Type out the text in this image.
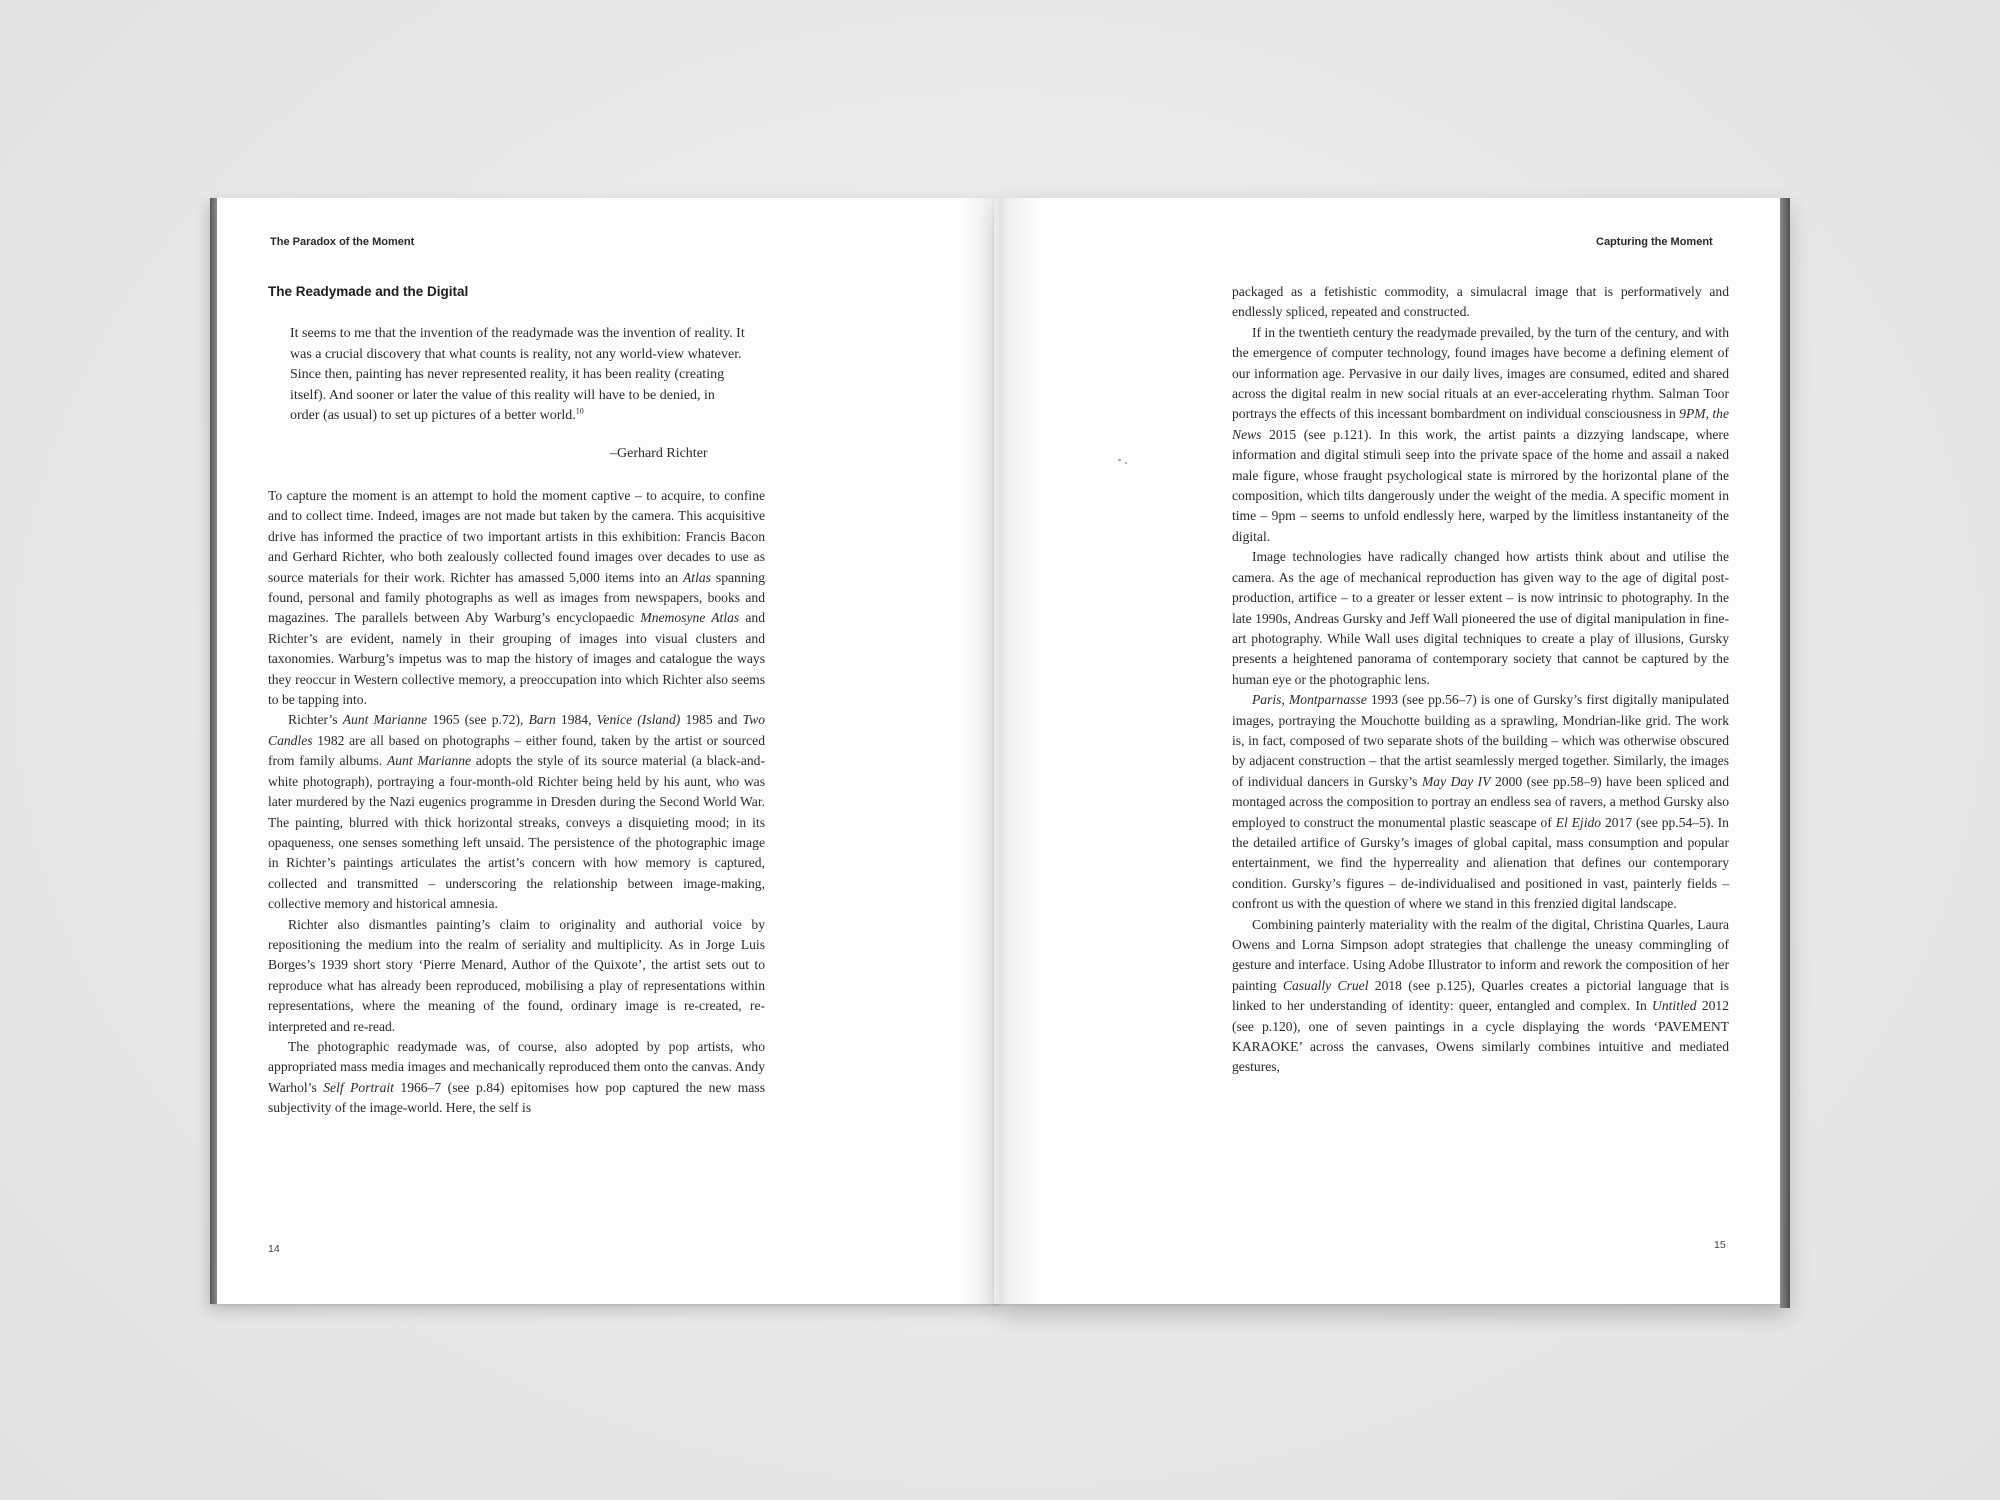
The Paradox of the Moment
The Readymade and the Digital

It seems to me that the invention of the readymade was the invention of reality. It was a crucial discovery that what counts is reality, not any world-view whatever. Since then, painting has never represented reality, it has been reality (creating itself). And sooner or later the value of this reality will have to be denied, in order (as usual) to set up pictures of a better world.$^{10}$

–Gerhard Richter

To capture the moment is an attempt to hold the moment captive – to acquire, to confine and to collect time. Indeed, images are not made but taken by the camera. This acquisitive drive has informed the practice of two important artists in this exhibition: Francis Bacon and Gerhard Richter, who both zealously collected found images over decades to use as source materials for their work. Richter has amassed 5,000 items into an Atlas spanning found, personal and family photographs as well as images from newspapers, books and magazines. The parallels between Aby Warburg’s encyclopaedic Mnemosyne Atlas and Richter’s are evident, namely in their grouping of images into visual clusters and taxonomies. Warburg’s impetus was to map the history of images and catalogue the ways they reoccur in Western collective memory, a preoccupation into which Richter also seems to be tapping into.

Richter’s Aunt Marianne 1965 (see p.72), Barn 1984, Venice (Island) 1985 and Two Candles 1982 are all based on photographs – either found, taken by the artist or sourced from family albums. Aunt Marianne adopts the style of its source material (a black-and-white photograph), portraying a four-month-old Richter being held by his aunt, who was later murdered by the Nazi eugenics programme in Dresden during the Second World War. The painting, blurred with thick horizontal streaks, conveys a disquieting mood; in its opaqueness, one senses something left unsaid. The persistence of the photographic image in Richter’s paintings articulates the artist’s concern with how memory is captured, collected and transmitted – underscoring the relationship between image-making, collective memory and historical amnesia.

Richter also dismantles painting’s claim to originality and authorial voice by repositioning the medium into the realm of seriality and multiplicity. As in Jorge Luis Borges’s 1939 short story ‘Pierre Menard, Author of the Quixote’, the artist sets out to reproduce what has already been reproduced, mobilising a play of representations within representations, where the meaning of the found, ordinary image is re-created, re-interpreted and re-read.

The photographic readymade was, of course, also adopted by pop artists, who appropriated mass media images and mechanically reproduced them onto the canvas. Andy Warhol’s Self Portrait 1966–7 (see p.84) epitomises how pop captured the new mass subjectivity of the image-world. Here, the self is

14
Capturing the Moment

packaged as a fetishistic commodity, a simulacral image that is performatively and endlessly spliced, repeated and constructed.

If in the twentieth century the readymade prevailed, by the turn of the century, and with the emergence of computer technology, found images have become a defining element of our information age. Pervasive in our daily lives, images are consumed, edited and shared across the digital realm in new social rituals at an ever-accelerating rhythm. Salman Toor portrays the effects of this incessant bombardment on individual consciousness in 9PM, the News 2015 (see p.121). In this work, the artist paints a dizzying landscape, where information and digital stimuli seep into the private space of the home and assail a naked male figure, whose fraught psychological state is mirrored by the horizontal plane of the composition, which tilts dangerously under the weight of the media. A specific moment in time – 9pm – seems to unfold endlessly here, warped by the limitless instantaneity of the digital.

Image technologies have radically changed how artists think about and utilise the camera. As the age of mechanical reproduction has given way to the age of digital post-production, artifice – to a greater or lesser extent – is now intrinsic to photography. In the late 1990s, Andreas Gursky and Jeff Wall pioneered the use of digital manipulation in fine-art photography. While Wall uses digital techniques to create a play of illusions, Gursky presents a heightened panorama of contemporary society that cannot be captured by the human eye or the photographic lens.

Paris, Montparnasse 1993 (see pp.56–7) is one of Gursky’s first digitally manipulated images, portraying the Mouchotte building as a sprawling, Mondrian-like grid. The work is, in fact, composed of two separate shots of the building – which was otherwise obscured by adjacent construction – that the artist seamlessly merged together. Similarly, the images of individual dancers in Gursky’s May Day IV 2000 (see pp.58–9) have been spliced and montaged across the composition to portray an endless sea of ravers, a method Gursky also employed to construct the monumental plastic seascape of El Ejido 2017 (see pp.54–5). In the detailed artifice of Gursky’s images of global capital, mass consumption and popular entertainment, we find the hyperreality and alienation that defines our contemporary condition. Gursky’s figures – de-individualised and positioned in vast, painterly fields – confront us with the question of where we stand in this frenzied digital landscape.

Combining painterly materiality with the realm of the digital, Christina Quarles, Laura Owens and Lorna Simpson adopt strategies that challenge the uneasy commingling of gesture and interface. Using Adobe Illustrator to inform and rework the composition of her painting Casually Cruel 2018 (see p.125), Quarles creates a pictorial language that is linked to her understanding of identity: queer, entangled and complex. In Untitled 2012 (see p.120), one of seven paintings in a cycle displaying the words ‘PAVEMENT KARAOKE’ across the canvases, Owens similarly combines intuitive and mediated gestures,

15
